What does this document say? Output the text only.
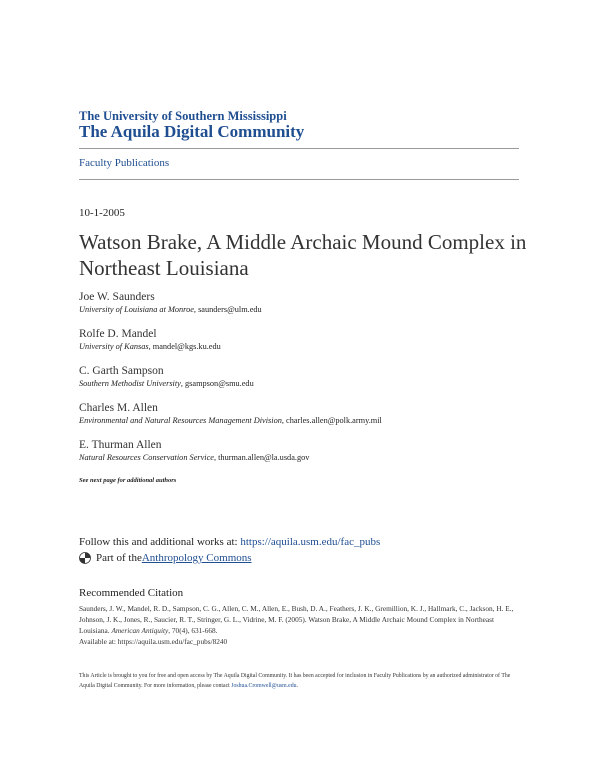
The University of Southern Mississippi
The Aquila Digital Community
Faculty Publications
10-1-2005
Watson Brake, A Middle Archaic Mound Complex in Northeast Louisiana
Joe W. Saunders
University of Louisiana at Monroe, saunders@ulm.edu
Rolfe D. Mandel
University of Kansas, mandel@kgs.ku.edu
C. Garth Sampson
Southern Methodist University, gsampson@smu.edu
Charles M. Allen
Environmental and Natural Resources Management Division, charles.allen@polk.army.mil
E. Thurman Allen
Natural Resources Conservation Service, thurman.allen@la.usda.gov
See next page for additional authors
Follow this and additional works at: https://aquila.usm.edu/fac_pubs
Part of the Anthropology Commons
Recommended Citation
Saunders, J. W., Mandel, R. D., Sampson, C. G., Allen, C. M., Allen, E., Bush, D. A., Feathers, J. K., Gremillion, K. J., Hallmark, C., Jackson, H. E., Johnson, J. K., Jones, R., Saucier, R. T., Stringer, G. L., Vidrine, M. F. (2005). Watson Brake, A Middle Archaic Mound Complex in Northeast Louisiana. American Antiquity, 70(4), 631-668.
Available at: https://aquila.usm.edu/fac_pubs/8240
This Article is brought to you for free and open access by The Aquila Digital Community. It has been accepted for inclusion in Faculty Publications by an authorized administrator of The Aquila Digital Community. For more information, please contact Joshua.Cromwell@usm.edu.
